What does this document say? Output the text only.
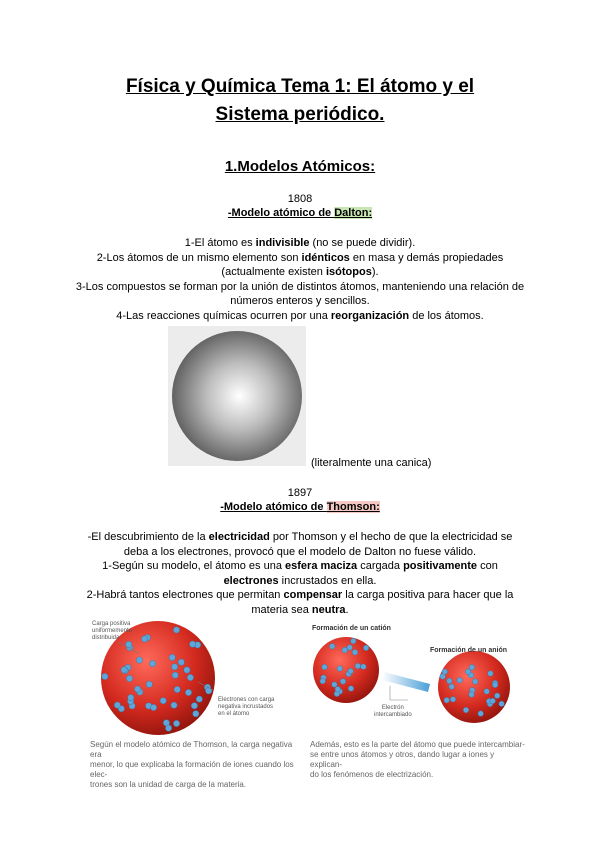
Física y Química Tema 1: El átomo y el
Sistema periódico.
1.Modelos Atómicos:
1808
-Modelo atómico de Dalton:
1-El átomo es indivisible (no se puede dividir).
2-Los átomos de un mismo elemento son idénticos en masa y demás propiedades
(actualmente existen isótopos).
3-Los compuestos se forman por la unión de distintos átomos, manteniendo una relación de
números enteros y sencillos.
4-Las reacciones químicas ocurren por una reorganización de los átomos.
(literalmente una canica)
1897
-Modelo atómico de Thomson:
-El descubrimiento de la electricidad por Thomson y el hecho de que la electricidad se
deba a los electrones, provocó que el modelo de Dalton no fuese válido.
1-Según su modelo, el átomo es una esfera maciza cargada positivamente con
electrones incrustados en ella.
2-Habrá tantos electrones que permitan compensar la carga positiva para hacer que la
materia sea neutra.
Carga positiva
uniformemente
distribuida
Electrones con carga
negativa incrustados
en el átomo
Según el modelo atómico de Thomson, la carga negativa era
menor, lo que explicaba la formación de iones cuando los elec-
trones son la unidad de carga de la materia.
Formación de un catión
Formación de un anión
Electrón
intercambiado
Además, esto es la parte del átomo que puede intercambiar-
se entre unos átomos y otros, dando lugar a iones y explican-
do los fenómenos de electrización.
